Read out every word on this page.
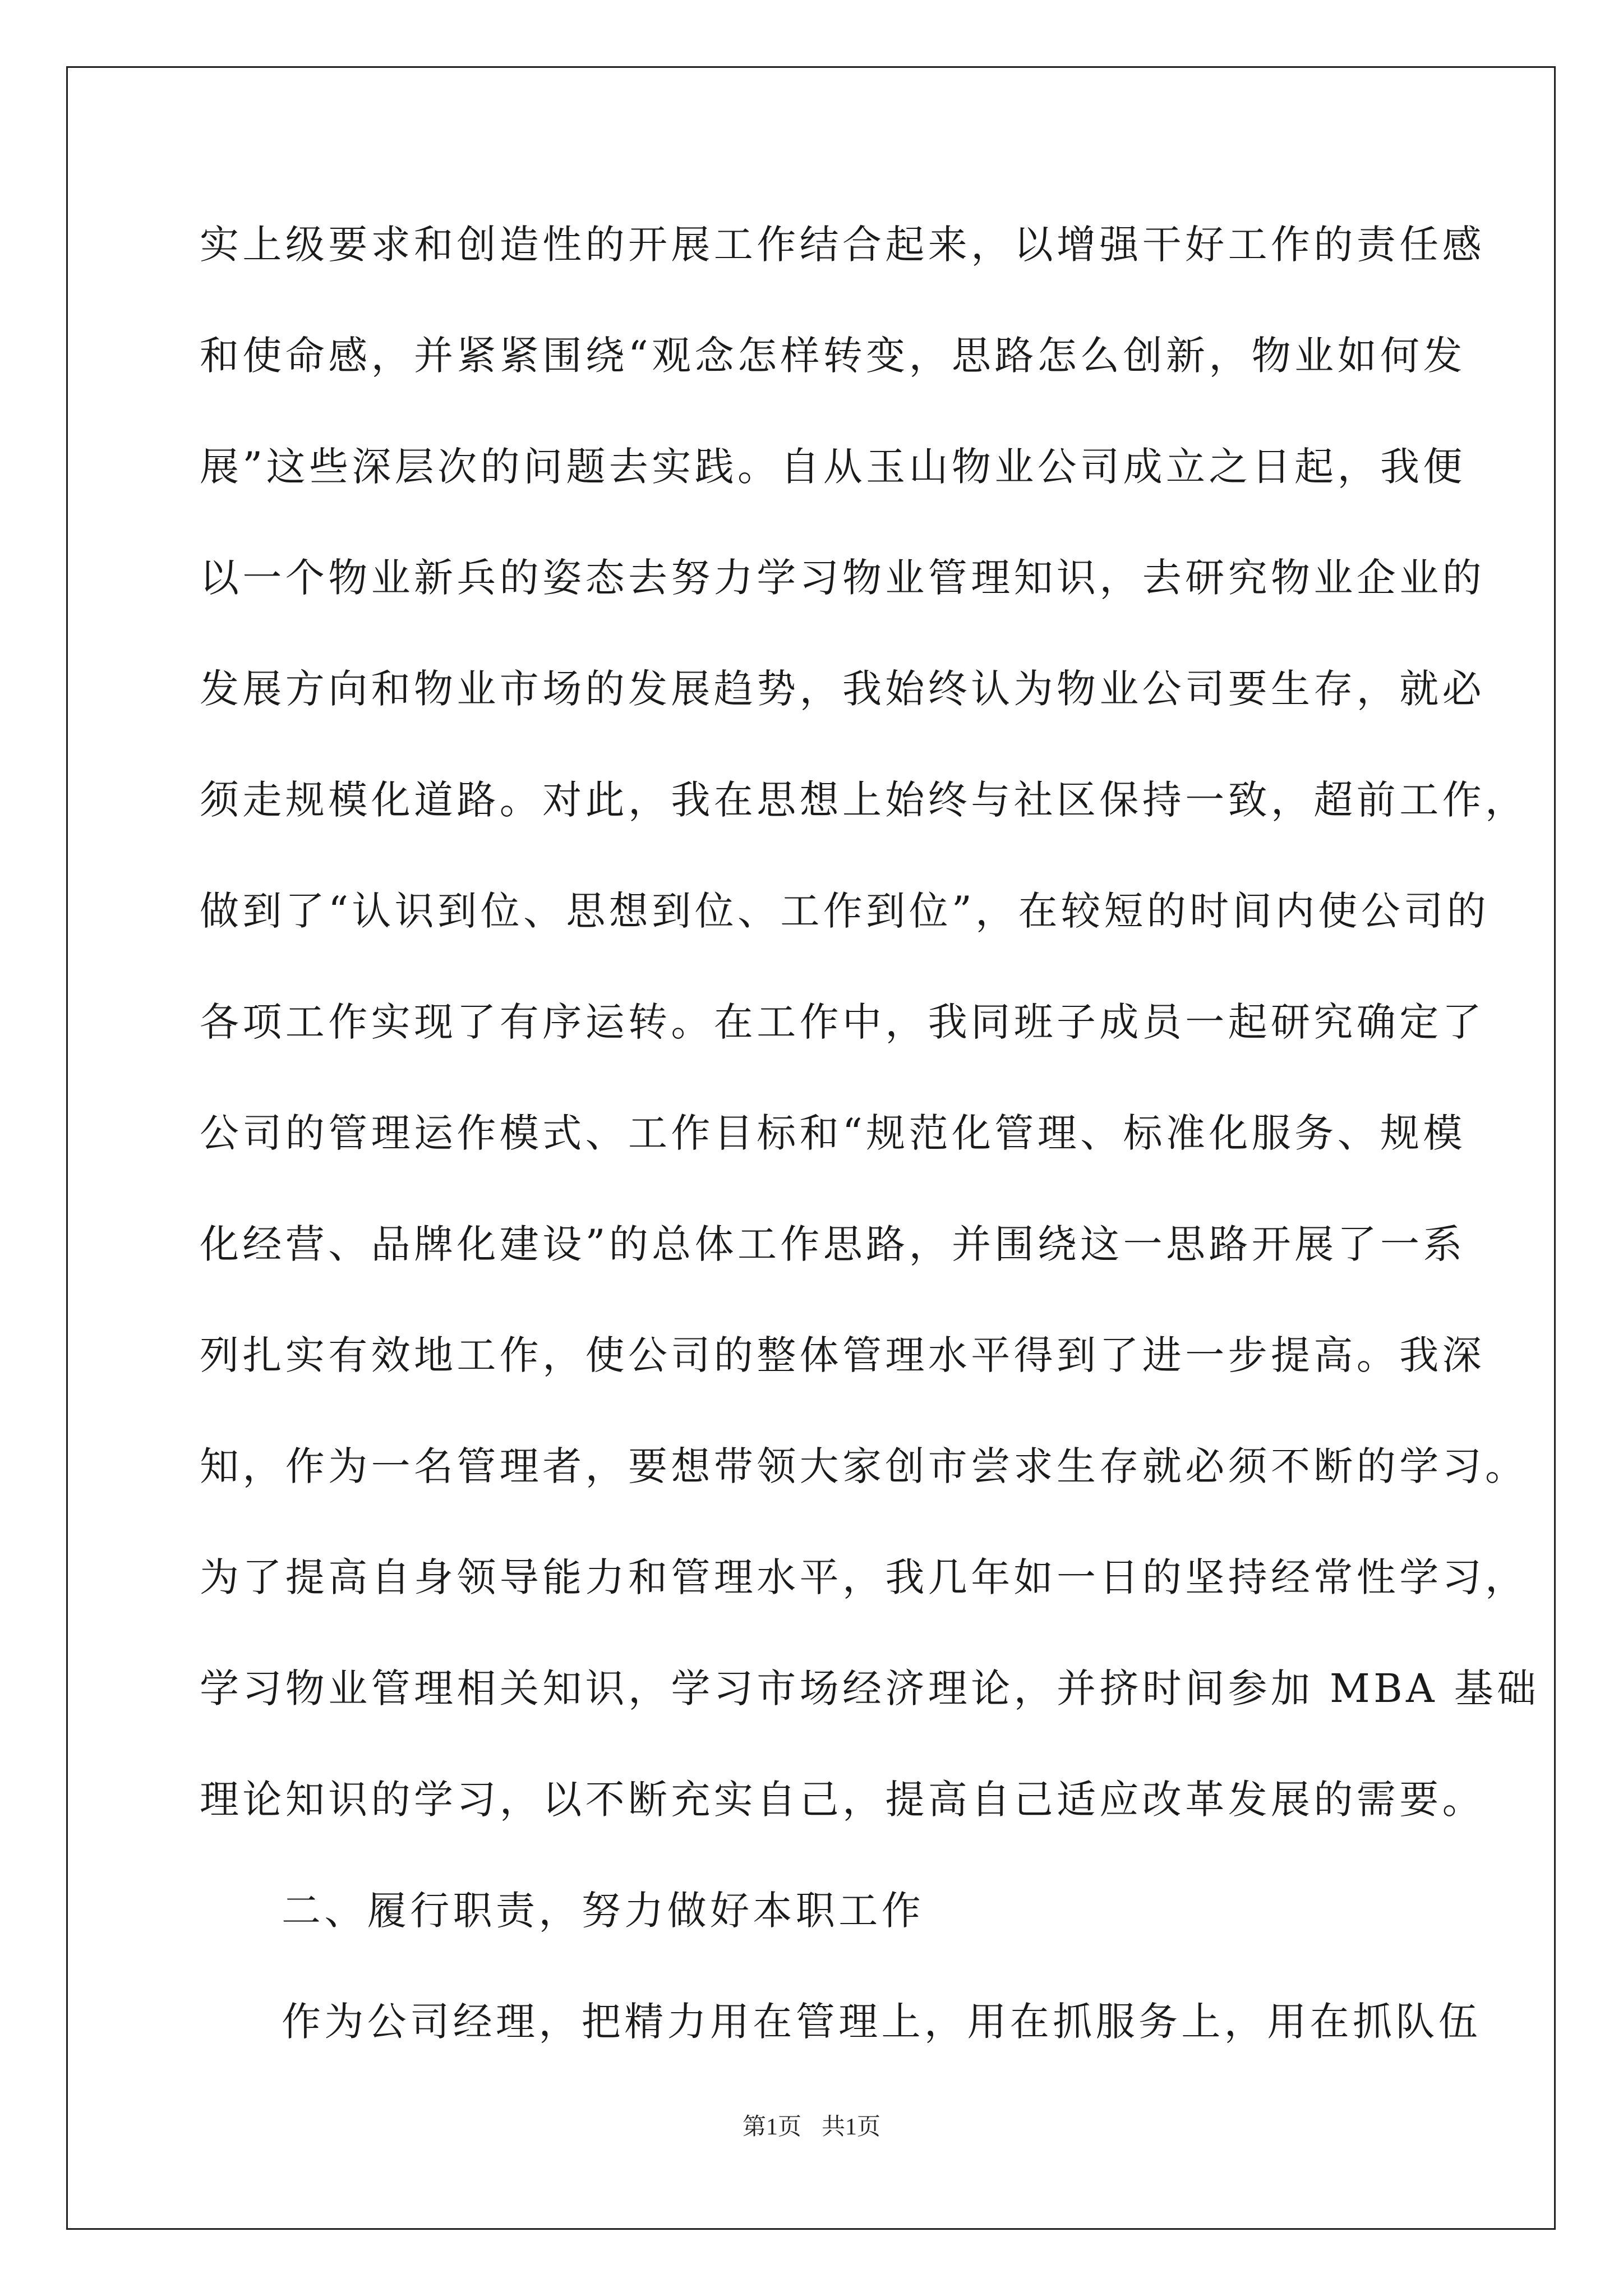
实上级要求和创造性的开展工作结合起来，以增强干好工作的责任感
和使命感，并紧紧围绕“观念怎样转变，思路怎么创新，物业如何发
展”这些深层次的问题去实践。自从玉山物业公司成立之日起，我便
以一个物业新兵的姿态去努力学习物业管理知识，去研究物业企业的
发展方向和物业市场的发展趋势，我始终认为物业公司要生存，就必
须走规模化道路。对此，我在思想上始终与社区保持一致，超前工作，
做到了“认识到位、思想到位、工作到位”，在较短的时间内使公司的
各项工作实现了有序运转。在工作中，我同班子成员一起研究确定了
公司的管理运作模式、工作目标和“规范化管理、标准化服务、规模
化经营、品牌化建设”的总体工作思路，并围绕这一思路开展了一系
列扎实有效地工作，使公司的整体管理水平得到了进一步提高。我深
知，作为一名管理者，要想带领大家创市尝求生存就必须不断的学习。
为了提高自身领导能力和管理水平，我几年如一日的坚持经常性学习，
学习物业管理相关知识，学习市场经济理论，并挤时间参加 MBA 基础
理论知识的学习，以不断充实自己，提高自己适应改革发展的需要。
二、履行职责，努力做好本职工作
作为公司经理，把精力用在管理上，用在抓服务上，用在抓队伍
第1页 共1页
